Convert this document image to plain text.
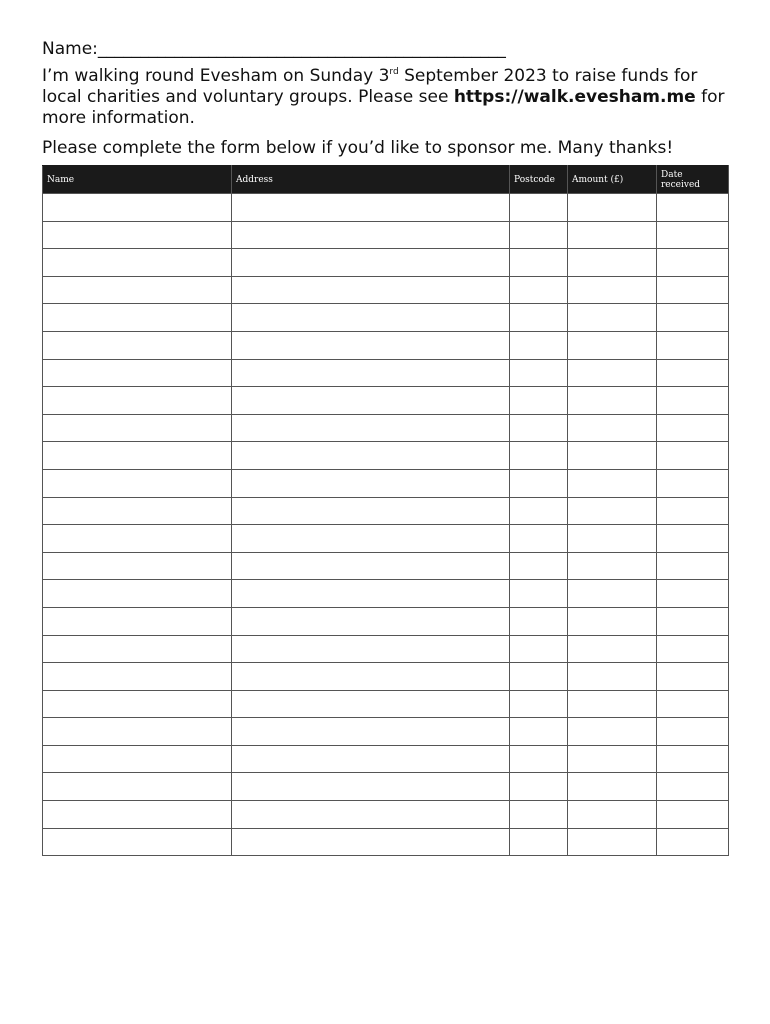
Name:________________________________________________
I’m walking round Evesham on Sunday 3rd September 2023 to raise funds for local charities and voluntary groups. Please see https://walk.evesham.me for more information.
Please complete the form below if you’d like to sponsor me. Many thanks!
Name	Address	Postcode	Amount (£)	Date received
